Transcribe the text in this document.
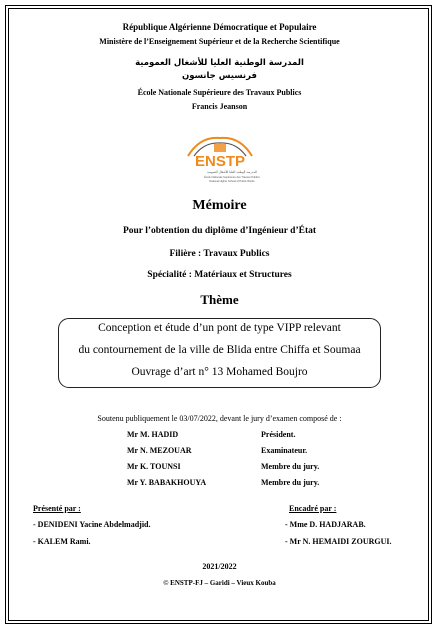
République Algérienne Démocratique et Populaire
Ministère de l’Enseignement Supérieur et de la Recherche Scientifique
المدرسة الوطنية العليا للأشغال العمومية
فرنسيس جانسون
École Nationale Supérieure des Travaux Publics
Francis Jeanson
ENSTP
المدرسة الوطنية العليا للأشغال العمومية
École Nationale Supérieure des Travaux Publics
National Higher School of Public Works
Mémoire
Pour l’obtention du diplôme d’Ingénieur d’État
Filière : Travaux Publics
Spécialité : Matériaux et Structures
Thème
Conception et étude d’un pont de type VIPP relevant
du contournement de la ville de Blida entre Chiffa et Soumaa
Ouvrage d’art n° 13 Mohamed Boujro
Soutenu publiquement le 03/07/2022, devant le jury d’examen composé de :
Mr M. HADID	Président.
Mr N. MEZOUAR	Examinateur.
Mr K. TOUNSI	Membre du jury.
Mr Y. BABAKHOUYA	Membre du jury.
Présenté par :
- DENIDENI Yacine Abdelmadjid.
- KALEM Rami.
Encadré par :
- Mme D. HADJARAB.
- Mr N. HEMAIDI ZOURGUI.
2021/2022
© ENSTP-FJ – Garidi – Vieux Kouba
